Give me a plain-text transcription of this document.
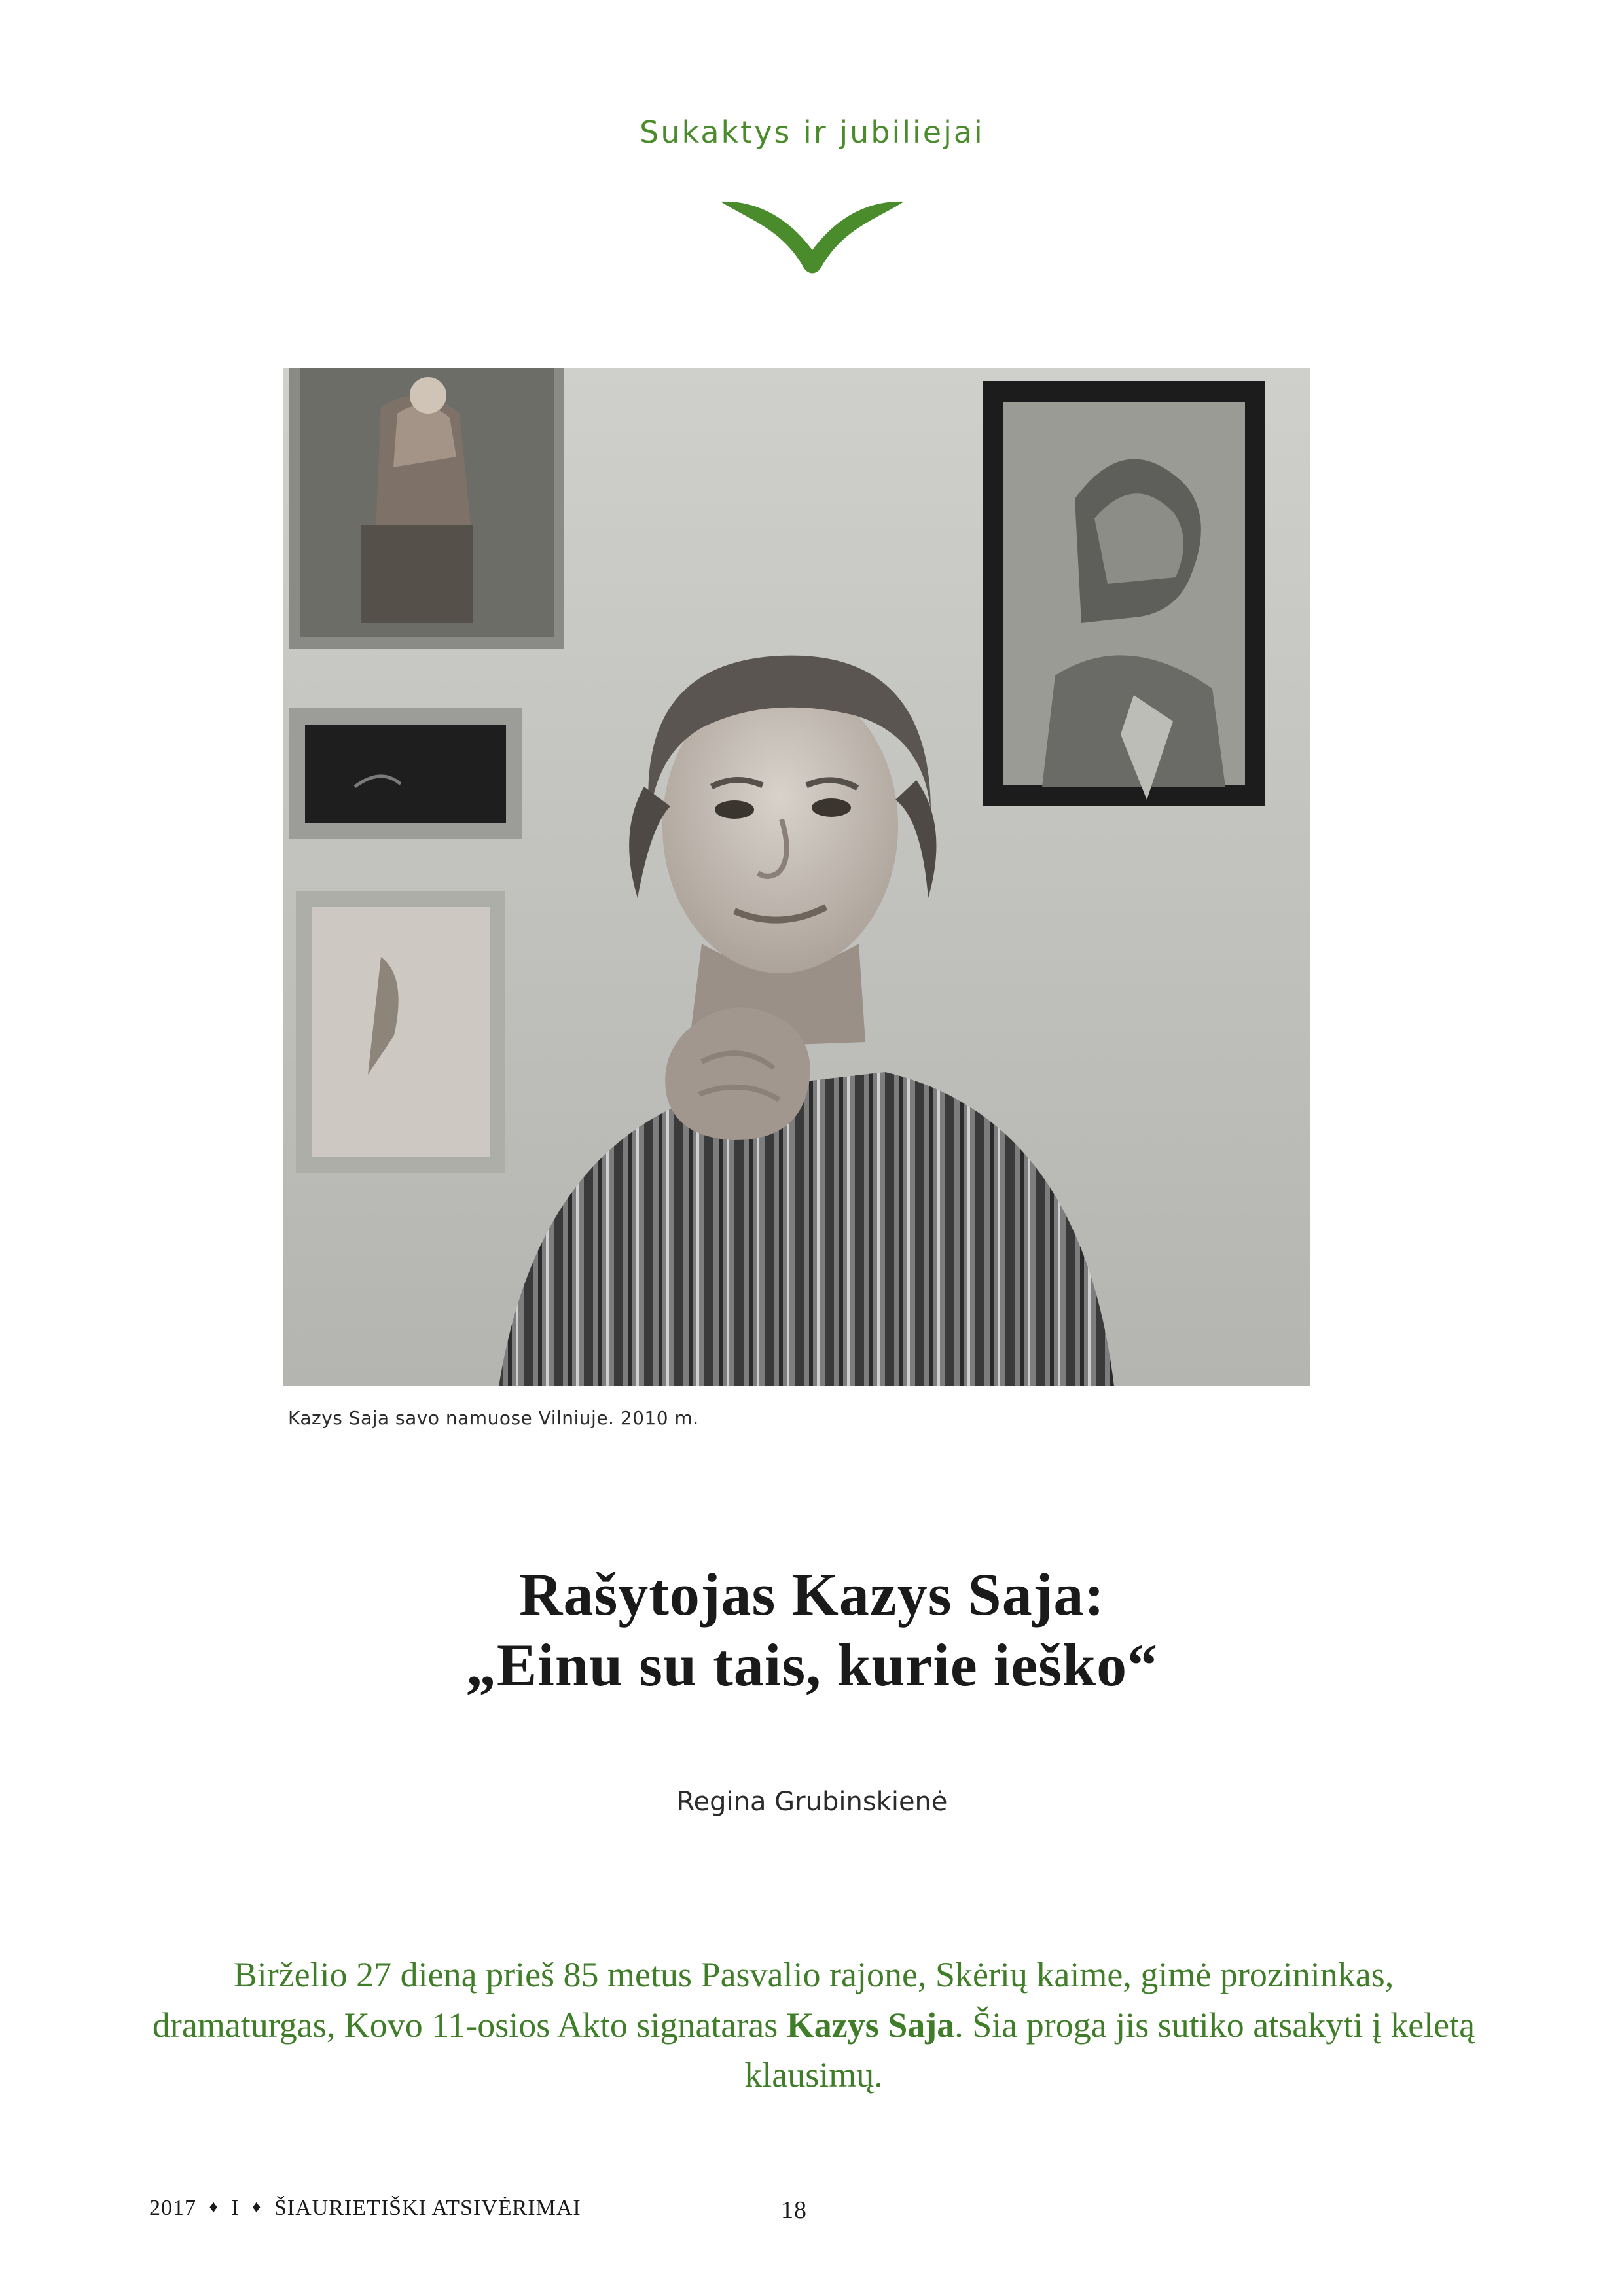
Sukaktys ir jubiliejai
Kazys Saja savo namuose Vilniuje. 2010 m.
Rašytojas Kazys Saja:
„Einu su tais, kurie ieško“
Regina Grubinskienė

Birželio 27 dieną prieš 85 metus Pasvalio rajone, Skėrių kaime, gimė prozininkas, dramaturgas, Kovo 11-osios Akto signataras Kazys Saja. Šia proga jis sutiko atsakyti į keletą klausimų.

2017 ♦ I ♦ ŠIAURIETIŠKI ATSIVĖRIMAI	18
